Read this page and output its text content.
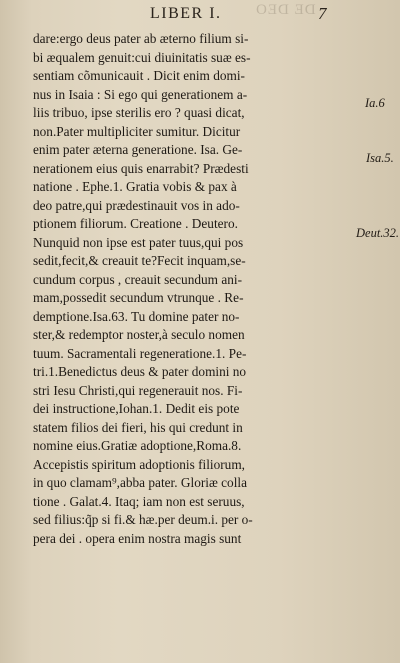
DE DEO
LIBER I.	7
dare:ergo deus pater ab æterno filium si-
bi æqualem genuit:cui diuinitatis suæ es-
sentiam cõmunicauit . Dicit enim domi-
nus in Isaia : Si ego qui generationem a-
liis tribuo, ipse sterilis ero ? quasi dicat,
non.Pater multipliciter sumitur. Dicitur
enim pater æterna generatione. Isa. Ge-
nerationem eius quis enarrabit? Prædesti
natione . Ephe.1. Gratia vobis & pax à
deo patre,qui prædestinauit vos in ado-
ptionem filiorum. Creatione . Deutero.
Nunquid non ipse est pater tuus,qui pos
sedit,fecit,& creauit te?Fecit inquam,se-
cundum corpus , creauit secundum ani-
mam,possedit secundum vtrunque . Re-
demptione.Isa.63. Tu domine pater no-
ster,& redemptor noster,à seculo nomen
tuum. Sacramentali regeneratione.1. Pe-
tri.1.Benedictus deus & pater domini no
stri Iesu Christi,qui regenerauit nos. Fi-
dei instructione,Iohan.1. Dedit eis pote
statem filios dei fieri, his qui credunt in
nomine eius.Gratiæ adoptione,Roma.8.
Accepistis spiritum adoptionis filiorum,
in quo clamam⁹,abba pater. Gloriæ colla
tione . Galat.4. Itaq; iam non est seruus,
sed filius:q̃p si fi.& hæ.per deum.i. per o-
pera dei . opera enim nostra magis sunt
Ia.6
Isa.5.
Deut.32.
